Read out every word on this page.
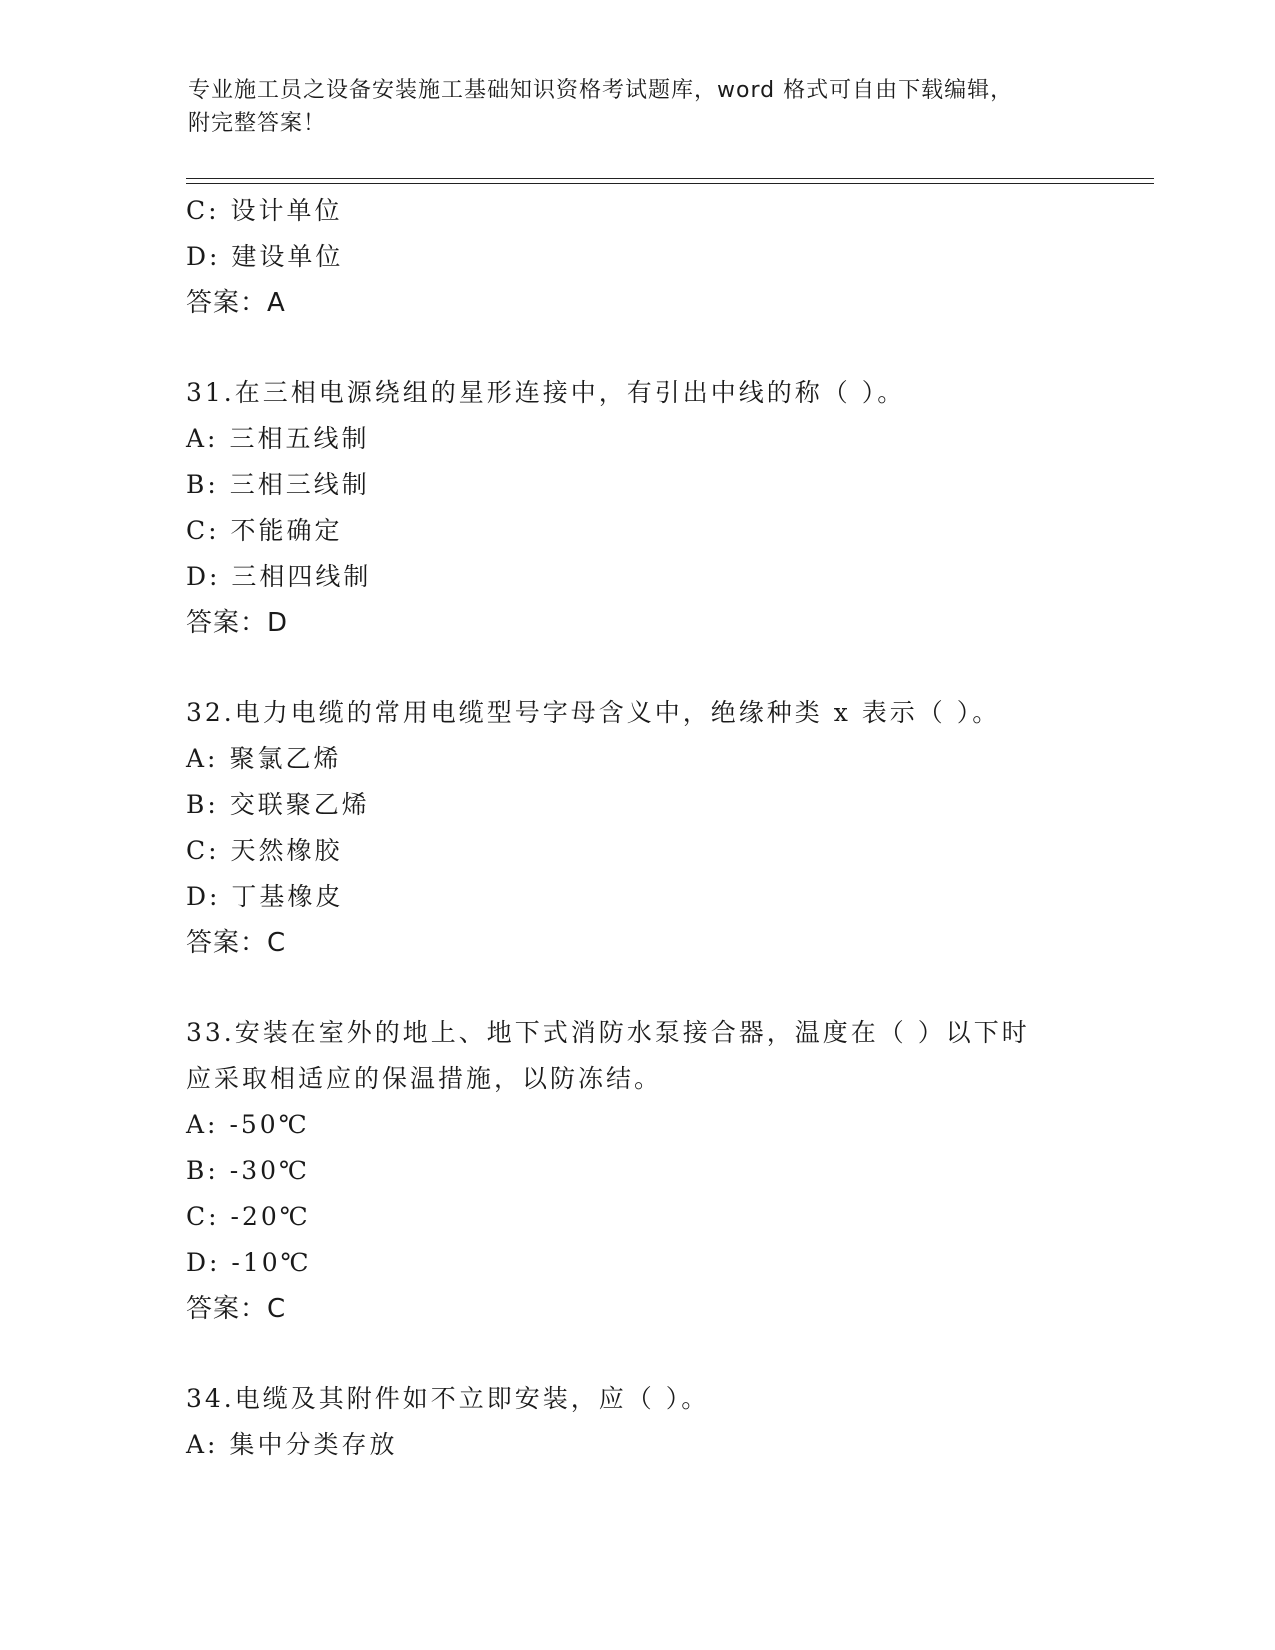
专业施工员之设备安装施工基础知识资格考试题库，word 格式可自由下载编辑，
附完整答案！
C: 设计单位
D: 建设单位
答案：A
31.在三相电源绕组的星形连接中，有引出中线的称（ ）。
A: 三相五线制
B: 三相三线制
C: 不能确定
D: 三相四线制
答案：D
32.电力电缆的常用电缆型号字母含义中，绝缘种类 x 表示（ ）。
A: 聚氯乙烯
B: 交联聚乙烯
C: 天然橡胶
D: 丁基橡皮
答案：C
33.安装在室外的地上、地下式消防水泵接合器，温度在（ ）以下时
应采取相适应的保温措施，以防冻结。
A: -50℃
B: -30℃
C: -20℃
D: -10℃
答案：C
34.电缆及其附件如不立即安装，应（ ）。
A: 集中分类存放
